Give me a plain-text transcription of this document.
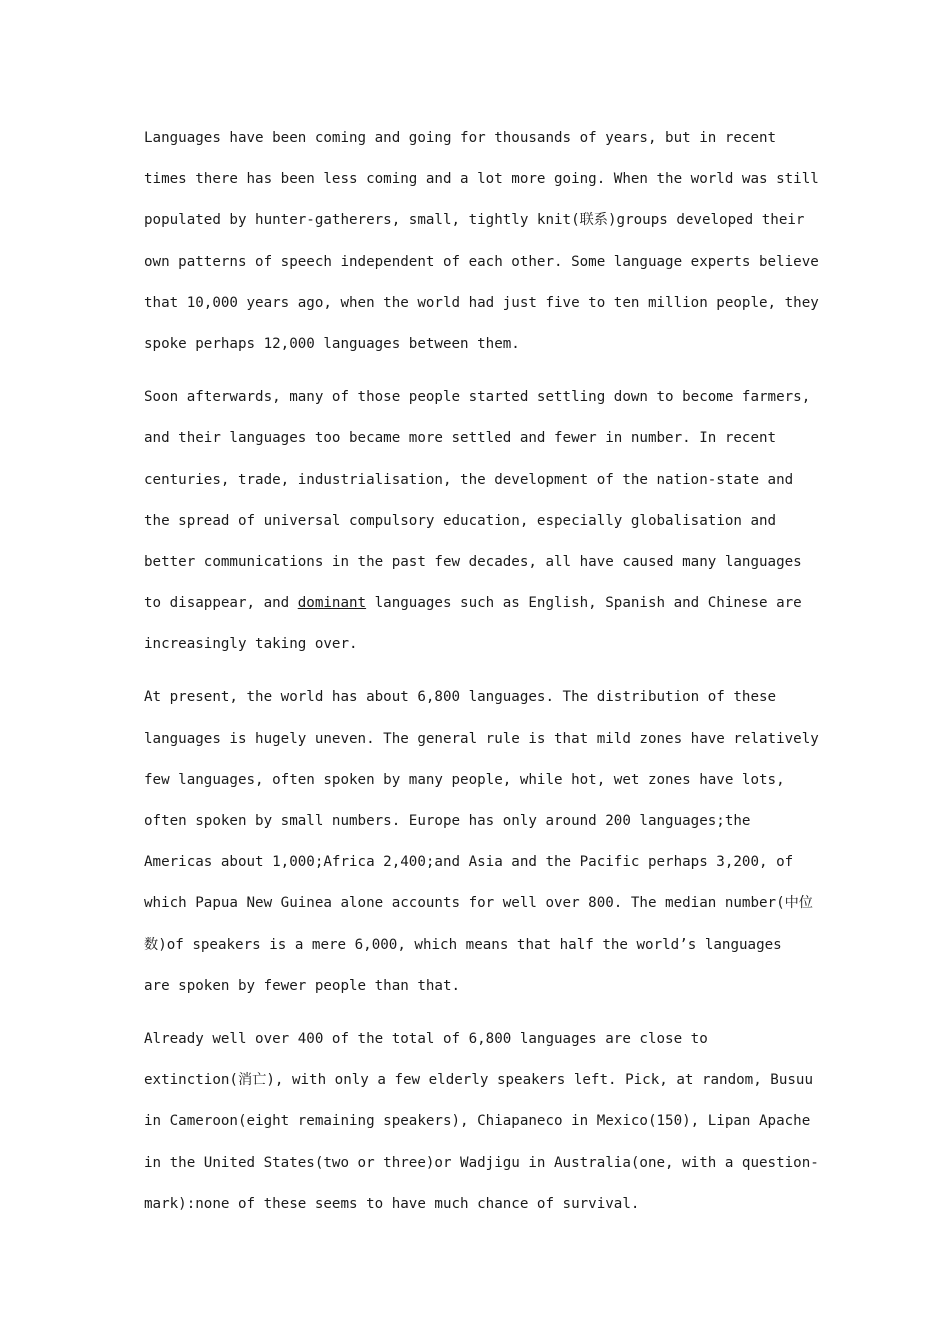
Languages have been coming and going for thousands of years, but in recent
times there has been less coming and a lot more going. When the world was still
populated by hunter-gatherers, small, tightly knit(联系)groups developed their
own patterns of speech independent of each other. Some language experts believe
that 10,000 years ago, when the world had just five to ten million people, they
spoke perhaps 12,000 languages between them.

Soon afterwards, many of those people started settling down to become farmers,
and their languages too became more settled and fewer in number. In recent
centuries, trade, industrialisation, the development of the nation-state and
the spread of universal compulsory education, especially globalisation and
better communications in the past few decades, all have caused many languages
to disappear, and dominant languages such as English, Spanish and Chinese are
increasingly taking over.

At present, the world has about 6,800 languages. The distribution of these
languages is hugely uneven. The general rule is that mild zones have relatively
few languages, often spoken by many people, while hot, wet zones have lots,
often spoken by small numbers. Europe has only around 200 languages;the
Americas about 1,000;Africa 2,400;and Asia and the Pacific perhaps 3,200, of
which Papua New Guinea alone accounts for well over 800. The median number(中位
数)of speakers is a mere 6,000, which means that half the world’s languages
are spoken by fewer people than that.

Already well over 400 of the total of 6,800 languages are close to
extinction(消亡), with only a few elderly speakers left. Pick, at random, Busuu
in Cameroon(eight remaining speakers), Chiapaneco in Mexico(150), Lipan Apache
in the United States(two or three)or Wadjigu in Australia(one, with a question-
mark):none of these seems to have much chance of survival.
